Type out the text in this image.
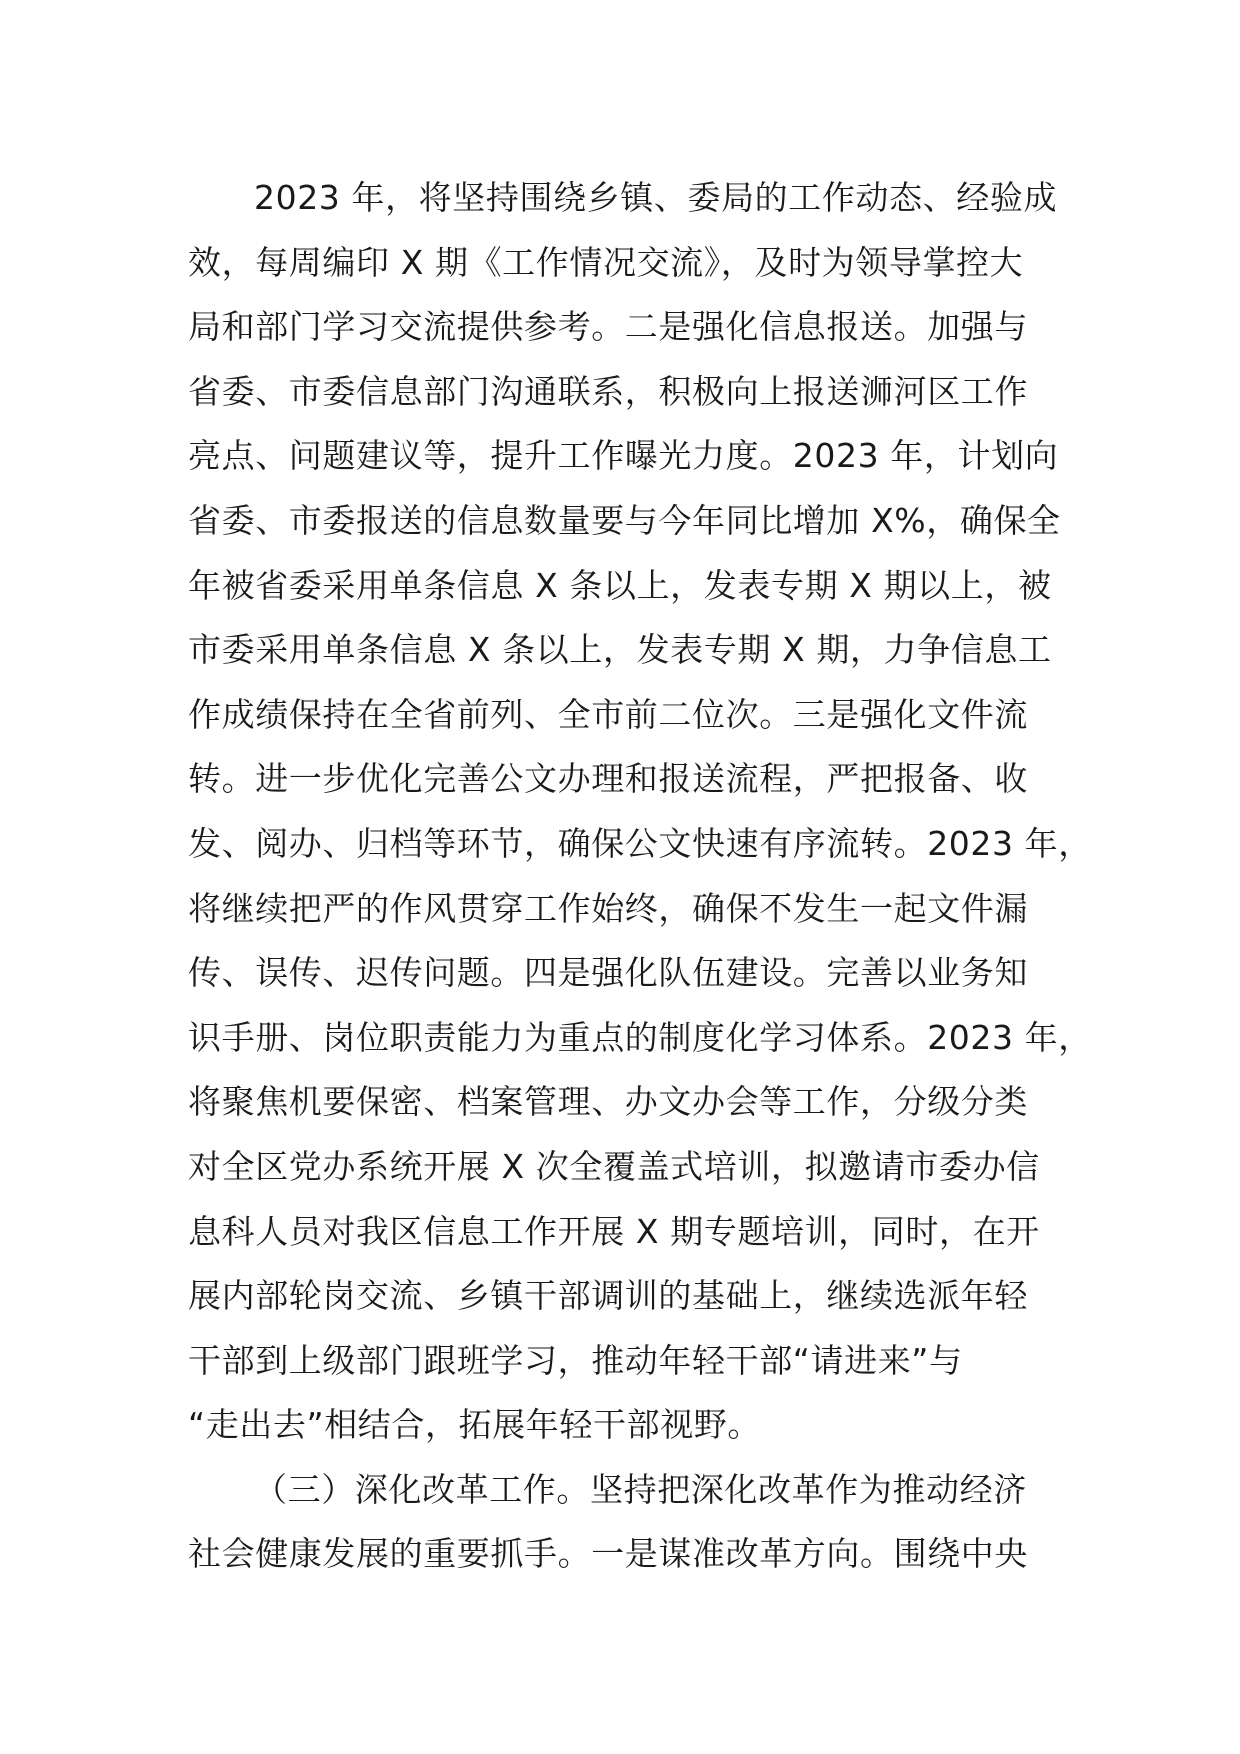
2023 年，将坚持围绕乡镇、委局的工作动态、经验成
效，每周编印 X 期《工作情况交流》，及时为领导掌控大
局和部门学习交流提供参考。二是强化信息报送。加强与
省委、市委信息部门沟通联系，积极向上报送浉河区工作
亮点、问题建议等，提升工作曝光力度。2023 年，计划向
省委、市委报送的信息数量要与今年同比增加 X%，确保全
年被省委采用单条信息 X 条以上，发表专期 X 期以上，被
市委采用单条信息 X 条以上，发表专期 X 期，力争信息工
作成绩保持在全省前列、全市前二位次。三是强化文件流
转。进一步优化完善公文办理和报送流程，严把报备、收
发、阅办、归档等环节，确保公文快速有序流转。2023 年，
将继续把严的作风贯穿工作始终，确保不发生一起文件漏
传、误传、迟传问题。四是强化队伍建设。完善以业务知
识手册、岗位职责能力为重点的制度化学习体系。2023 年，
将聚焦机要保密、档案管理、办文办会等工作，分级分类
对全区党办系统开展 X 次全覆盖式培训，拟邀请市委办信
息科人员对我区信息工作开展 X 期专题培训，同时，在开
展内部轮岗交流、乡镇干部调训的基础上，继续选派年轻
干部到上级部门跟班学习，推动年轻干部“请进来”与
“走出去”相结合，拓展年轻干部视野。
（三）深化改革工作。坚持把深化改革作为推动经济
社会健康发展的重要抓手。一是谋准改革方向。围绕中央
